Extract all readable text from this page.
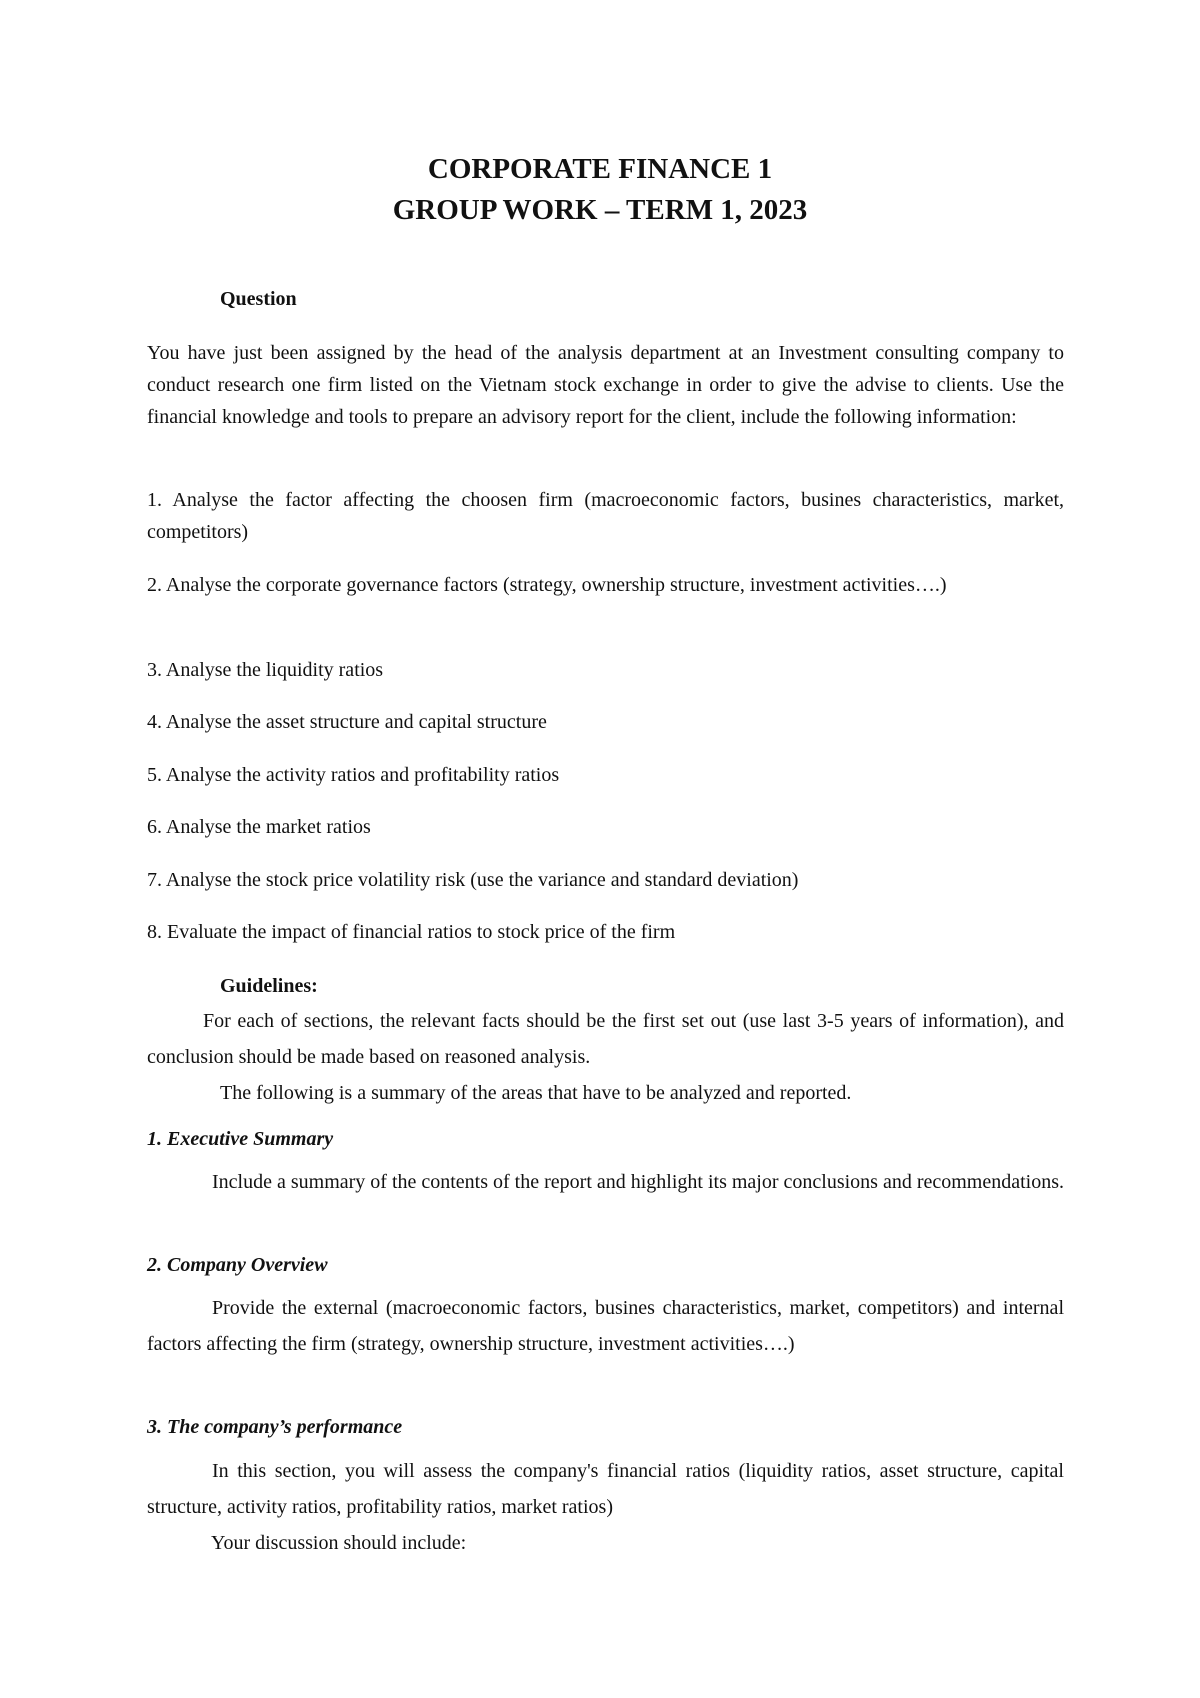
CORPORATE FINANCE 1
GROUP WORK – TERM 1, 2023
Question
You have just been assigned by the head of the analysis department at an Investment consulting company to conduct research one firm listed on the Vietnam stock exchange in order to give the advise to clients. Use the financial knowledge and tools to prepare an advisory report for the client, include the following information:
1. Analyse the factor affecting the choosen firm (macroeconomic factors, busines characteristics, market, competitors)
2. Analyse the corporate governance factors (strategy, ownership structure, investment activities….)
3. Analyse the liquidity ratios
4. Analyse the asset structure and capital structure
5. Analyse the activity ratios and profitability ratios
6. Analyse the market ratios
7. Analyse the stock price volatility risk (use the variance and standard deviation)
8. Evaluate the impact of financial ratios to stock price of the firm
Guidelines:
For each of sections, the relevant facts should be the first set out (use last 3-5 years of information), and conclusion should be made based on reasoned analysis.
The following is a summary of the areas that have to be analyzed and reported.
1. Executive Summary
Include a summary of the contents of the report and highlight its major conclusions and recommendations.
2. Company Overview
Provide the external (macroeconomic factors, busines characteristics, market, competitors) and internal factors affecting the firm (strategy, ownership structure, investment activities….)
3. The company’s performance
In this section, you will assess the company's financial ratios (liquidity ratios, asset structure, capital structure, activity ratios, profitability ratios, market ratios)
Your discussion should include:
